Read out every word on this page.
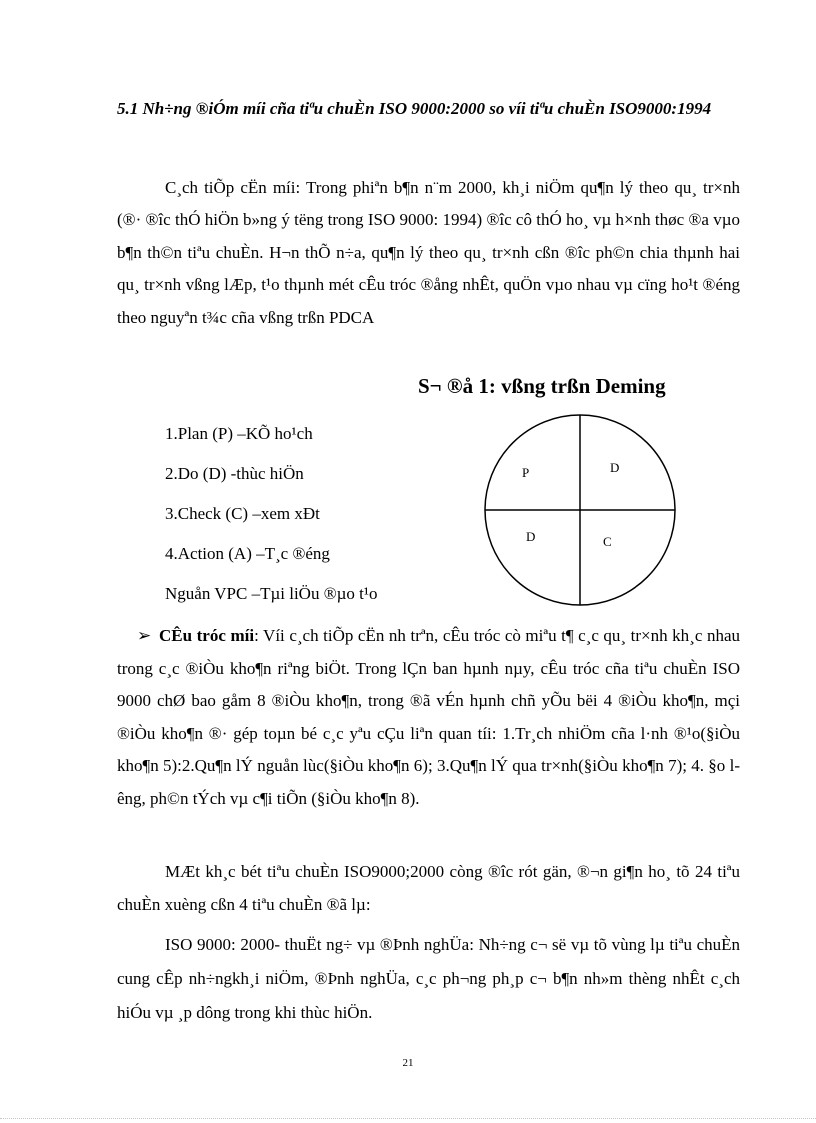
5.1 Nh÷ng ®iÓm míi cña tiªu chuÈn ISO 9000:2000 so víi tiªu chuÈn ISO9000:1994
C¸ch tiÕp cËn míi: Trong phiªn b¶n n¨m 2000, kh¸i niÖm qu¶n lý theo qu¸ tr×nh (®· ®îc thÓ hiÖn b»ng ý tëng trong ISO 9000: 1994) ®îc cô thÓ ho¸ vµ h×nh thøc ®a vµo b¶n th©n tiªu chuÈn. H¬n thÕ n÷a, qu¶n lý theo qu¸ tr×nh cßn ®îc ph©n chia thµnh hai qu¸ tr×nh vßng lÆp, t¹o thµnh mét cÊu tróc ®ång nhÊt, quÖn vµo nhau vµ cïng ho¹t ®éng theo nguyªn t¾c cña vßng trßn PDCA
S¬ ®å 1: vßng trßn Deming
1.Plan (P) –KÕ ho¹ch
2.Do (D) -thùc hiÖn
3.Check (C) –xem xÐt
4.Action (A) –T¸c ®éng
Nguån VPC –Tµi liÖu ®µo t¹o
P	D
D	C
➢ CÊu tróc míi: Víi c¸ch tiÕp cËn nh trªn, cÊu tróc cò miªu t¶ c¸c qu¸ tr×nh kh¸c nhau trong c¸c ®iÒu kho¶n riªng biÖt. Trong lÇn ban hµnh nµy, cÊu tróc cña tiªu chuÈn ISO 9000 chØ bao gåm 8 ®iÒu kho¶n, trong ®ã vÉn hµnh chñ yÕu bëi 4 ®iÒu kho¶n, mçi ®iÒu kho¶n ®· gép toµn bé c¸c yªu cÇu liªn quan tíi: 1.Tr¸ch nhiÖm cña l·nh ®¹o(§iÒu kho¶n 5):2.Qu¶n lÝ nguån lùc(§iÒu kho¶n 6); 3.Qu¶n lÝ qua tr×nh(§iÒu kho¶n 7); 4. §o lêng, ph©n tÝch vµ c¶i tiÕn (§iÒu kho¶n 8).
MÆt kh¸c bét tiªu chuÈn ISO9000;2000 còng ®îc rót gän, ®¬n gi¶n ho¸ tõ 24 tiªu chuÈn xuèng cßn 4 tiªu chuÈn ®ã lµ:
ISO 9000: 2000- thuËt ng÷ vµ ®Þnh nghÜa: Nh÷ng c¬ së vµ tõ vùng lµ tiªu chuÈn cung cÊp nh÷ngkh¸i niÖm, ®Þnh nghÜa, c¸c ph¬ng ph¸p c¬ b¶n nh»m thèng nhÊt c¸ch hiÓu vµ ¸p dông trong khi thùc hiÖn.
21
